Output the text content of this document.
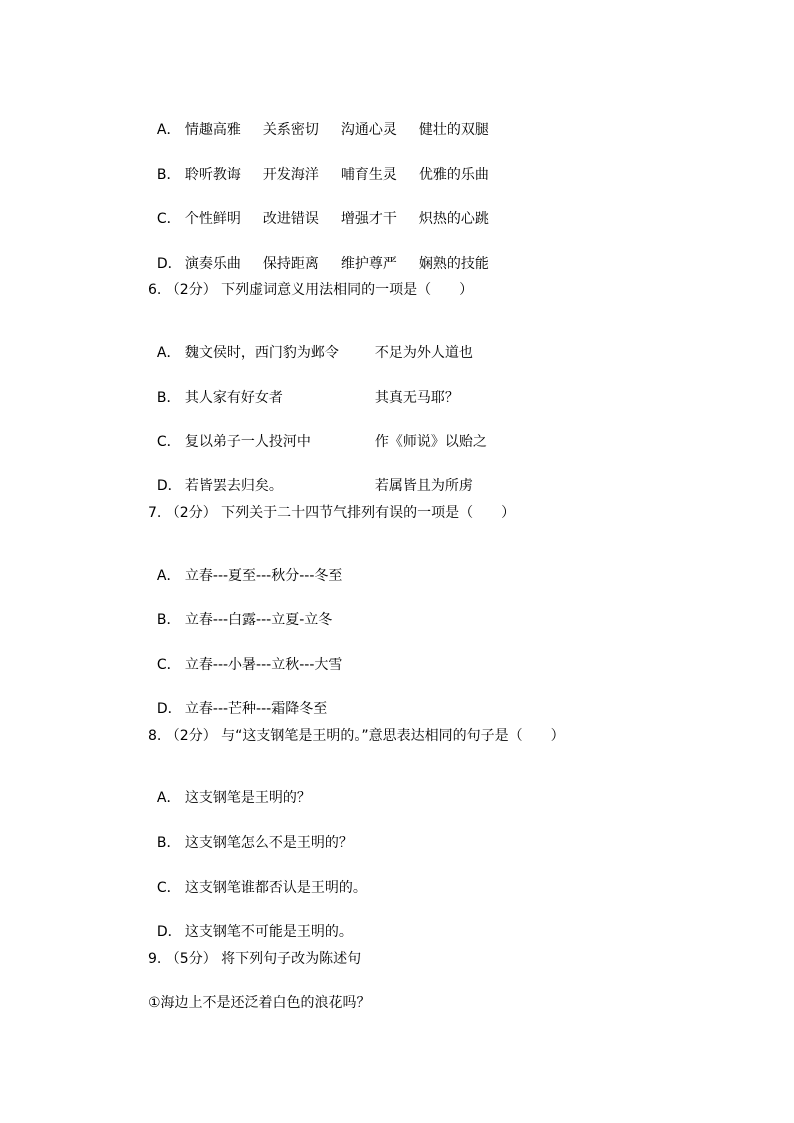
A． 情趣高雅 关系密切 沟通心灵 健壮的双腿

B． 聆听教诲 开发海洋 哺育生灵 优雅的乐曲

C． 个性鲜明 改进错误 增强才干 炽热的心跳

D． 演奏乐曲 保持距离 维护尊严 娴熟的技能

6. （2分） 下列虚词意义用法相同的一项是（　　）

A． 魏文侯时，西门豹为邺令	不足为外人道也

B． 其人家有好女者	其真无马耶？

C． 复以弟子一人投河中	作《师说》以贻之

D． 若皆罢去归矣。	若属皆且为所虏

7. （2分） 下列关于二十四节气排列有误的一项是（　　）

A． 立春---夏至---秋分---冬至

B． 立春---白露---立夏-立冬

C． 立春---小暑---立秋---大雪

D． 立春---芒种---霜降冬至

8. （2分） 与“这支钢笔是王明的。”意思表达相同的句子是（　　）

A． 这支钢笔是王明的？

B． 这支钢笔怎么不是王明的？

C． 这支钢笔谁都否认是王明的。

D． 这支钢笔不可能是王明的。

9. （5分） 将下列句子改为陈述句
①海边上不是还泛着白色的浪花吗？
